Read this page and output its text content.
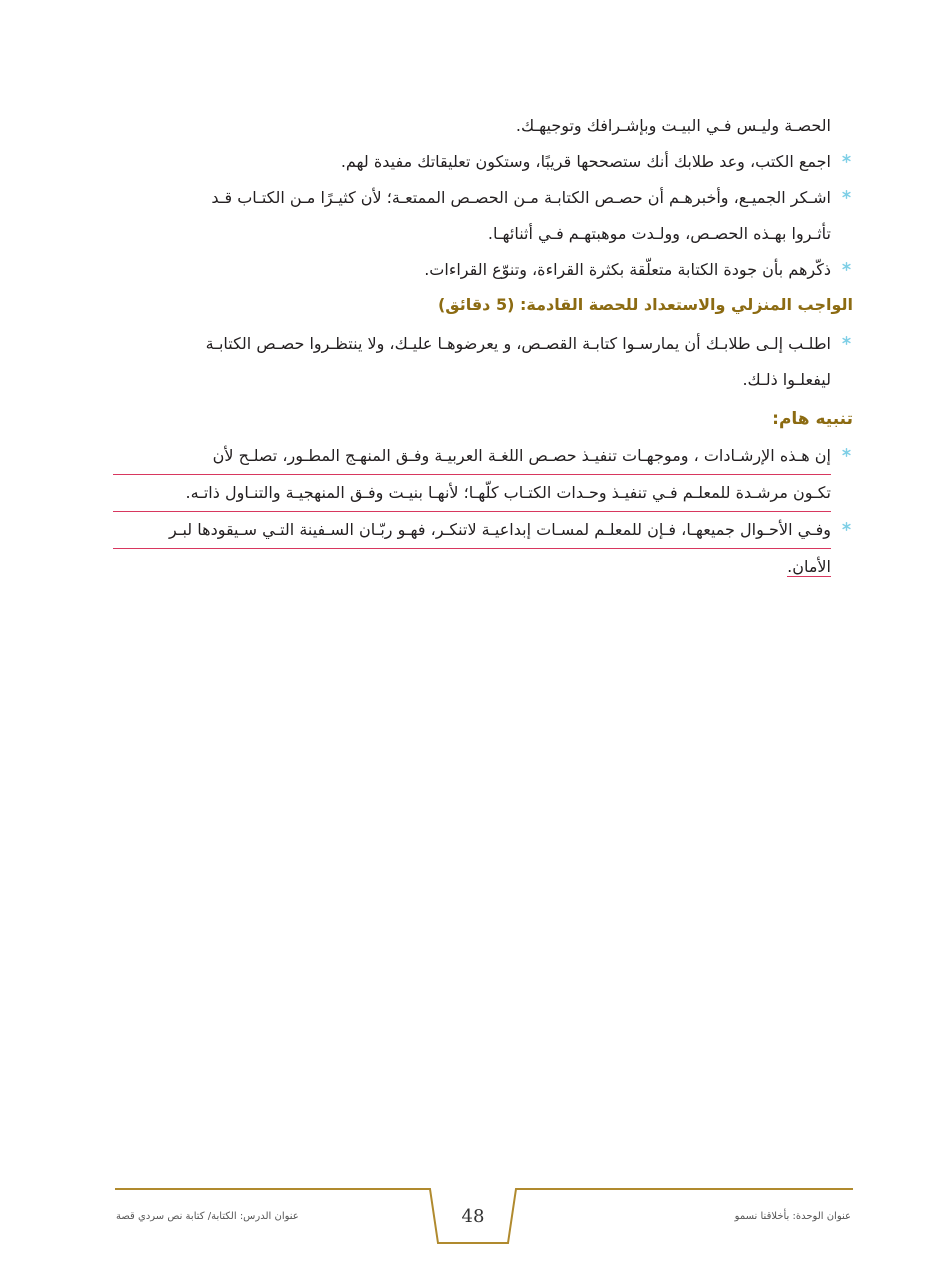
الحصـة وليـس فـي البيـت وبإشـرافك وتوجيهـك.
اجمع الكتب، وعد طلابك أنك ستصححها قريبًا، وستكون تعليقاتك مفيدة لهم.
اشـكر الجميـع، وأخبرهـم أن حصـص الكتابـة مـن الحصـص الممتعـة؛ لأن كثيـرًا مـن الكتـاب قـد
تأثـروا بهـذه الحصـص، وولـدت موهبتهـم فـي أثنائهـا.
ذكّرهم بأن جودة الكتابة متعلّقة بكثرة القراءة، وتنوّع القراءات.
الواجب المنزلي والاستعداد للحصة القادمة: (5 دقائق)
اطلـب إلـى طلابـك أن يمارسـوا كتابـة القصـص، و يعرضوهـا عليـك، ولا ينتظـروا حصـص الكتابـة
ليفعلـوا ذلـك.
تنبيه هام:
إن هـذه الإرشـادات ، وموجهـات تنفيـذ حصـص اللغـة العربيـة وفـق المنهـج المطـور، تصلـح لأن
تكـون مرشـدة للمعلـم فـي تنفيـذ وحـدات الكتـاب كلّهـا؛ لأنهـا بنيـت وفـق المنهجيـة والتنـاول ذاتـه.
وفـي الأحـوال جميعهـا، فـإن للمعلـم لمسـات إبداعيـة لاتنكـر، فهـو ربّـان السـفينة التـي سـيقودها لبـر
الأمان.
عنوان الدرس: الكتابة/ كتابة نص سردي قصة	عنوان الوحدة: بأخلاقنا نسمو
48
